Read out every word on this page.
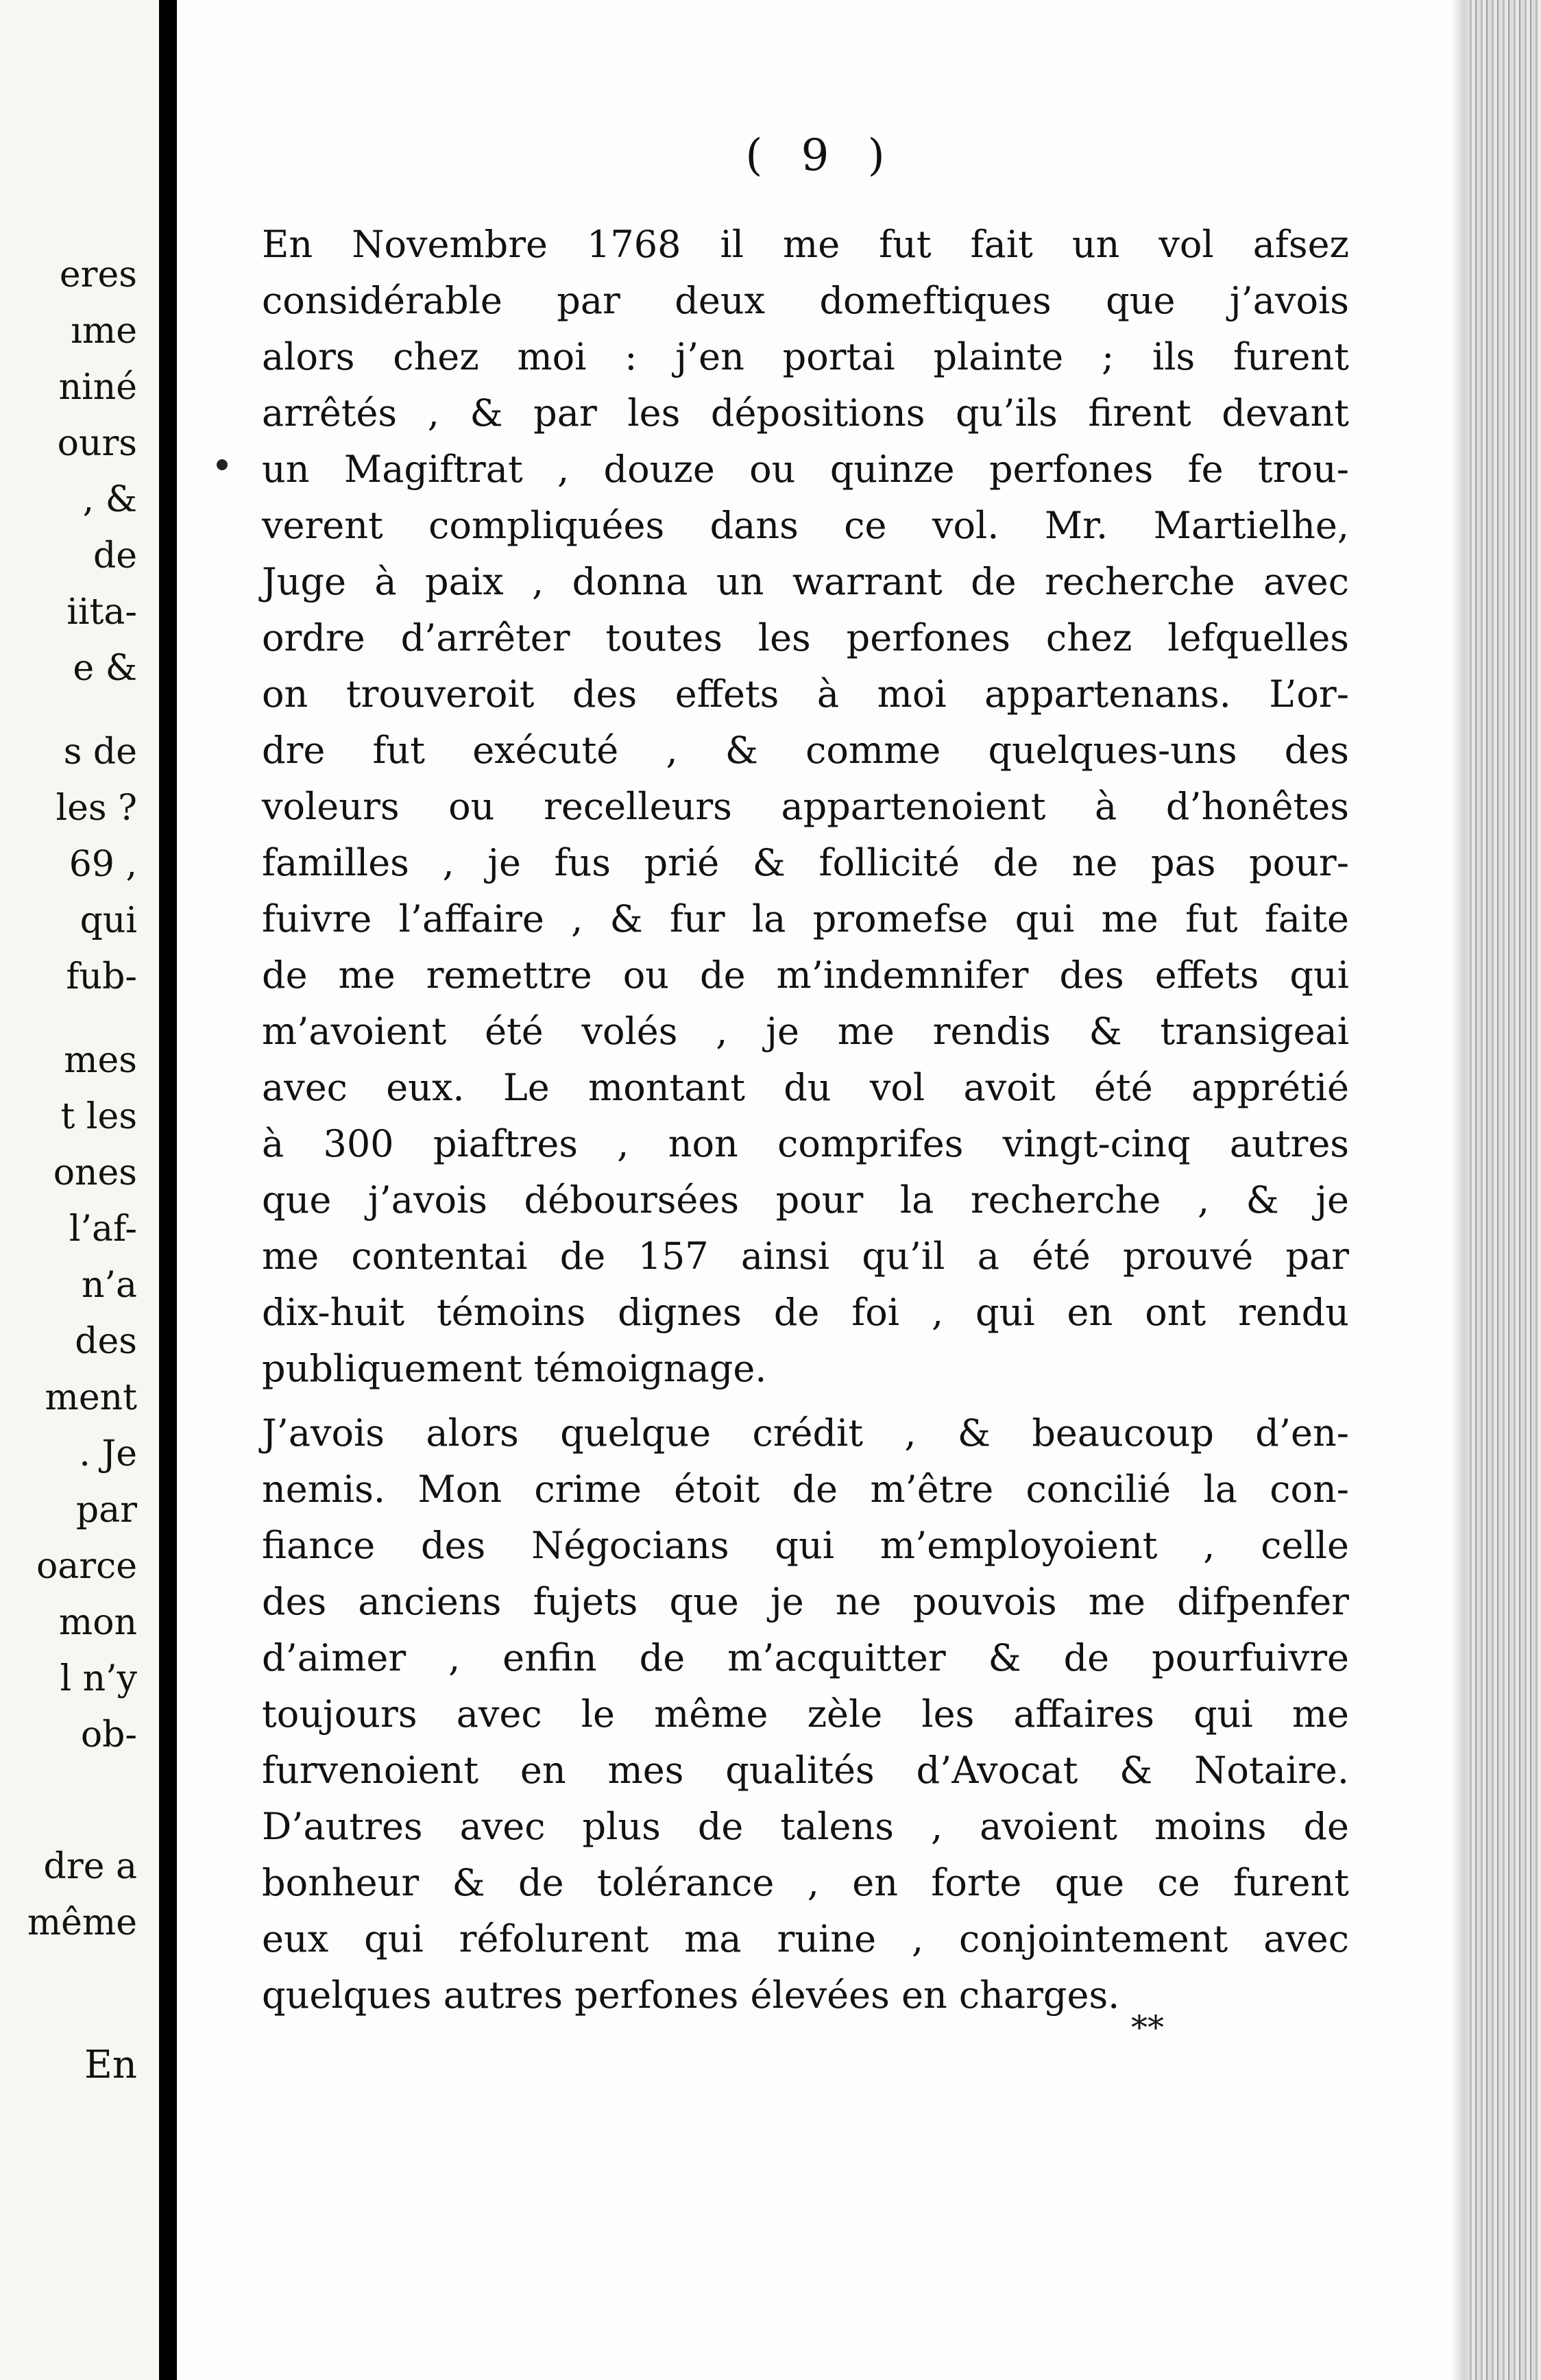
eres
ıme
niné
ours
, &
de
iita-
e &
s de
les ?
69 ,
qui
fub-
mes
t les
ones
l’af-
n’a
des
ment
. Je
par
oarce
mon
l n’y
ob-
dre a
même
En
( 9 )
En Novembre 1768 il me fut fait un vol afsez
considérable par deux domeftiques que j’avois
alors chez moi : j’en portai plainte ; ils furent
arrêtés , & par les dépositions qu’ils firent devant
un Magiftrat , douze ou quinze perfones fe trou-
verent compliquées dans ce vol. Mr. Martielhe,
Juge à paix , donna un warrant de recherche avec
ordre d’arrêter toutes les perfones chez lefquelles
on trouveroit des effets à moi appartenans. L’or-
dre fut exécuté , & comme quelques-uns des
voleurs ou recelleurs appartenoient à d’honêtes
familles , je fus prié & follicité de ne pas pour-
fuivre l’affaire , & fur la promefse qui me fut faite
de me remettre ou de m’indemnifer des effets qui
m’avoient été volés , je me rendis & transigeai
avec eux. Le montant du vol avoit été apprétié
à 300 piaftres , non comprifes vingt-cinq autres
que j’avois déboursées pour la recherche , & je
me contentai de 157 ainsi qu’il a été prouvé par
dix-huit témoins dignes de foi , qui en ont rendu
publiquement témoignage.
J’avois alors quelque crédit , & beaucoup d’en-
nemis. Mon crime étoit de m’être concilié la con-
fiance des Négocians qui m’employoient , celle
des anciens fujets que je ne pouvois me difpenfer
d’aimer , enfin de m’acquitter & de pourfuivre
toujours avec le même zèle les affaires qui me
furvenoient en mes qualités d’Avocat & Notaire.
D’autres avec plus de talens , avoient moins de
bonheur & de tolérance , en forte que ce furent
eux qui réfolurent ma ruine , conjointement avec
quelques autres perfones élevées en charges.
**
